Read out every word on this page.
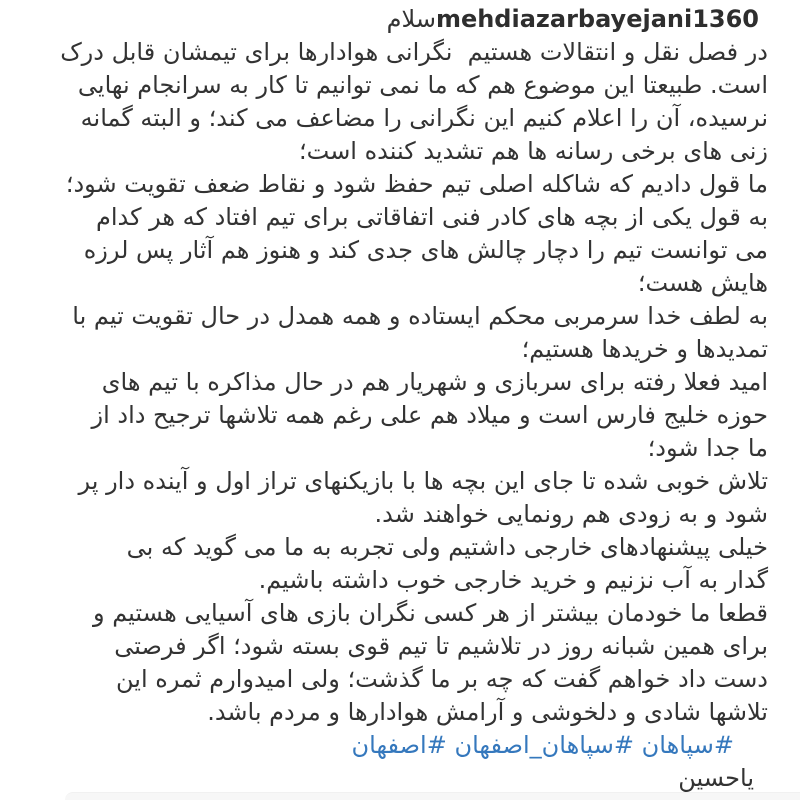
mehdiazarbayejani1360سلام
در فصل نقل و انتقالات هستیم  نگرانی هوادارها برای تیمشان قابل درک
است. طبیعتا این موضوع هم که ما نمی توانیم تا کار به سرانجام نهایی
نرسیده، آن را اعلام کنیم این نگرانی را مضاعف می کند؛ و البته گمانه
زنی های برخی رسانه ها هم تشدید کننده است؛
ما قول دادیم که شاکله اصلی تیم حفظ شود و نقاط ضعف تقویت شود؛
به قول یکی از بچه های کادر فنی اتفاقاتی برای تیم افتاد که هر کدام
می توانست تیم را دچار چالش های جدی کند و هنوز هم آثار پس لرزه
هایش هست؛
به لطف خدا سرمربی محکم ایستاده و همه همدل در حال تقویت تیم با
تمدیدها و خریدها هستیم؛
امید فعلا رفته برای سربازی و شهریار هم در حال مذاکره با تیم های
حوزه خلیج فارس است و میلاد هم علی رغم همه تلاشها ترجیح داد از
ما جدا شود؛
تلاش خوبی شده تا جای این بچه ها با بازیکنهای تراز اول و آینده دار پر
شود و به زودی هم رونمایی خواهند شد.
خیلی پیشنهادهای خارجی داشتیم ولی تجربه به ما می گوید که بی
گدار به آب نزنیم و خرید خارجی خوب داشته باشیم.
قطعا ما خودمان بیشتر از هر کسی نگران بازی های آسیایی هستیم و
برای همین شبانه روز در تلاشیم تا تیم قوی بسته شود؛ اگر فرصتی
دست داد خواهم گفت که چه بر ما گذشت؛ ولی امیدوارم ثمره این
تلاشها شادی و دلخوشی و آرامش هوادارها و مردم باشد.
#سپاهان #سپاهان_اصفهان #اصفهان
یاحسین
